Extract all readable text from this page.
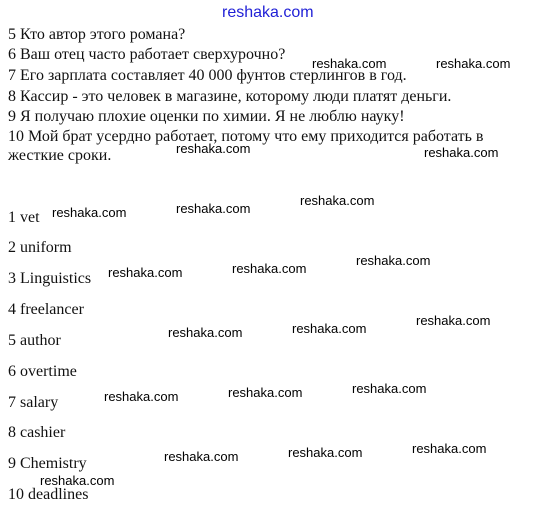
reshaka.com

5 Кто автор этого романа?

6 Ваш отец часто работает сверхурочно?

7 Его зарплата составляет 40 000 фунтов стерлингов в год.

8 Кассир - это человек в магазине, которому люди платят деньги.

9 Я получаю плохие оценки по химии. Я не люблю науку!

10 Мой брат усердно работает, потому что ему приходится работать в жесткие сроки.

1 vet

2 uniform

3 Linguistics

4 freelancer

5 author

6 overtime

7 salary

8 cashier

9 Chemistry

10 deadlines

reshaka.com	reshaka.com
reshaka.com	reshaka.com
reshaka.com
reshaka.com	reshaka.com
reshaka.com
reshaka.com
reshaka.com
reshaka.com
reshaka.com
reshaka.com
reshaka.com
reshaka.com
reshaka.com
reshaka.com
reshaka.com
reshaka.com
reshaka.com
